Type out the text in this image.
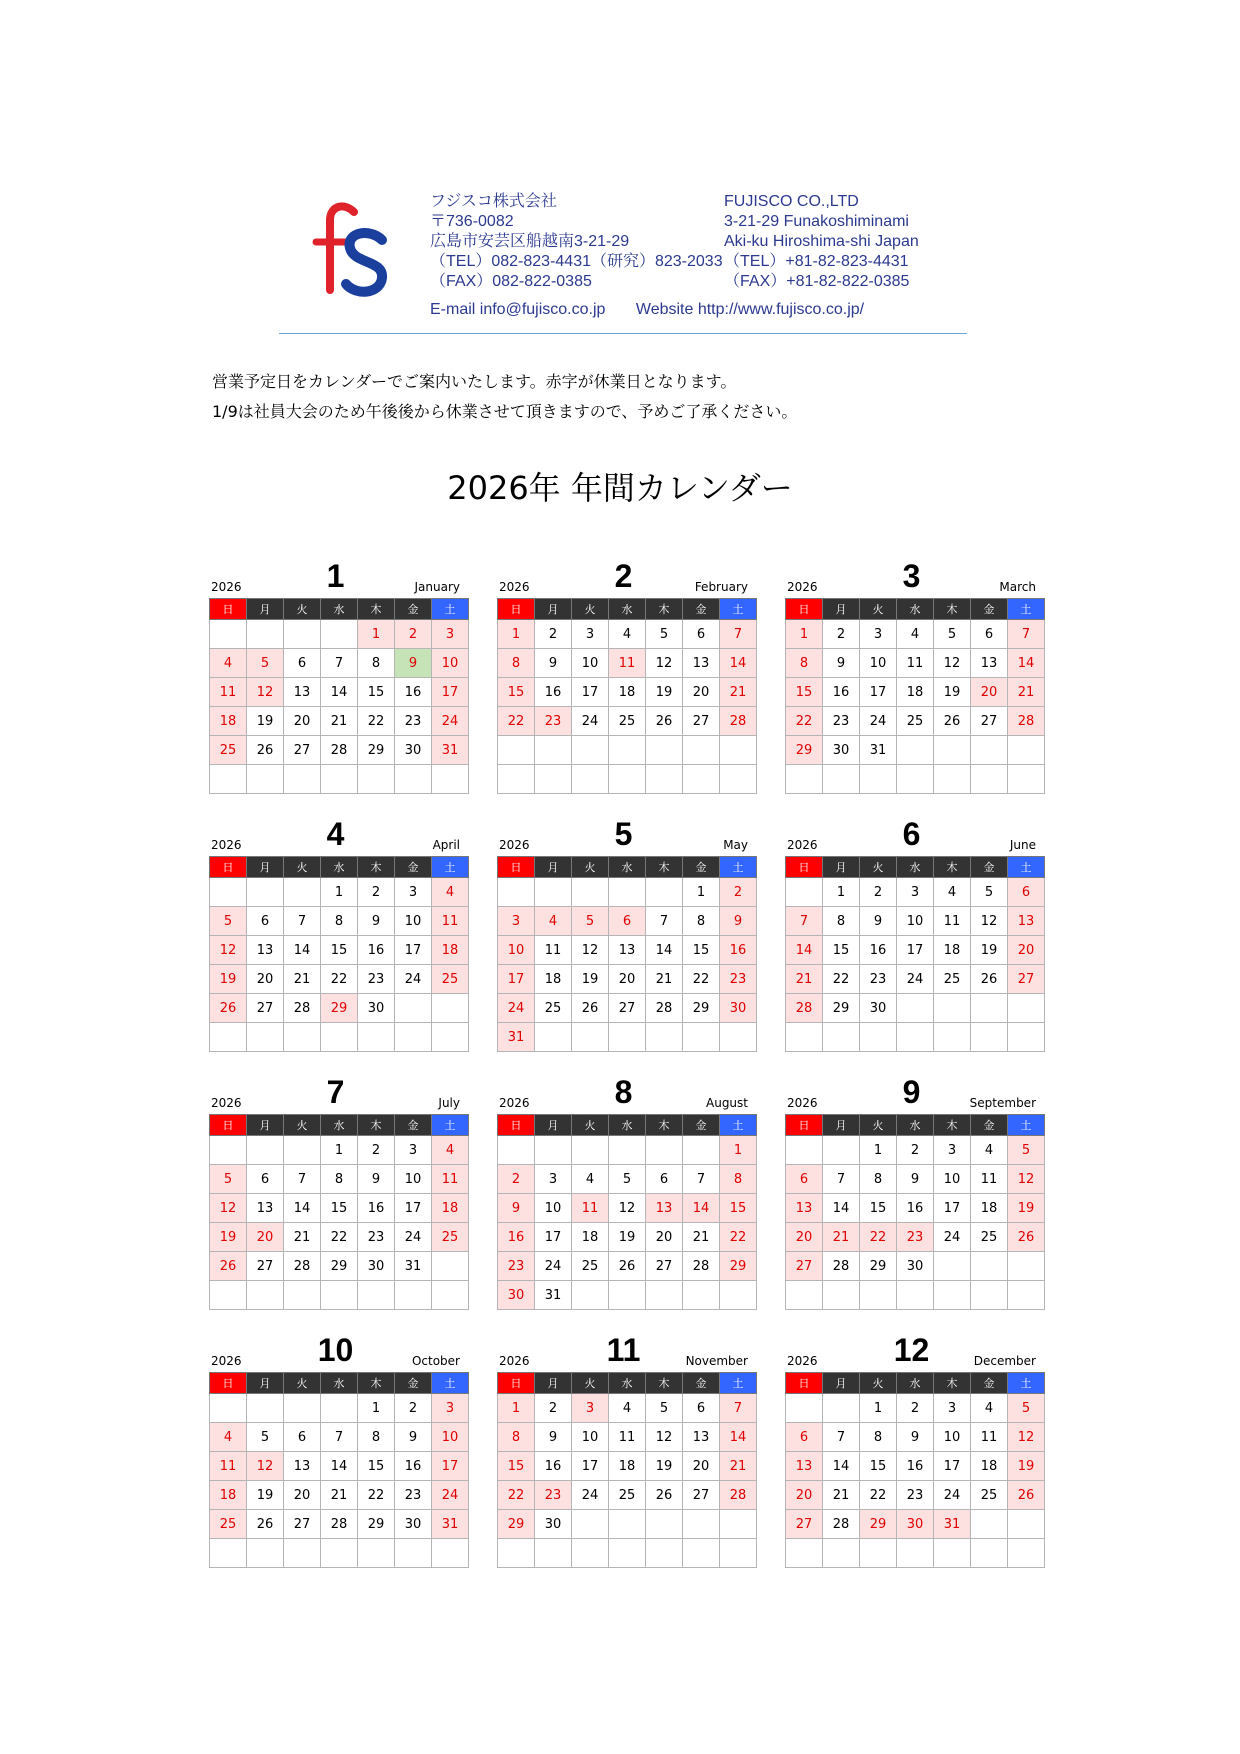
フジスコ株式会社
〒736-0082
広島市安芸区船越南3-21-29
（TEL）082-823-4431（研究）823-2033
（FAX）082-822-0385
FUJISCO CO.,LTD
3-21-29 Funakoshiminami
Aki-ku Hiroshima-shi Japan
（TEL）+81-82-823-4431
（FAX）+81-82-822-0385
E-mail info@fujisco.co.jp Website http://www.fujisco.co.jp/
営業予定日をカレンダーでご案内いたします。赤字が休業日となります。
1/9は社員大会のため午後後から休業させて頂きますので、予めご了承ください。
2026年 年間カレンダー
2026	1	January
日	月	火	水	木	金	土
				1	2	3
4	5	6	7	8	9	10
11	12	13	14	15	16	17
18	19	20	21	22	23	24
25	26	27	28	29	30	31

2026	2	February
日	月	火	水	木	金	土
1	2	3	4	5	6	7
8	9	10	11	12	13	14
15	16	17	18	19	20	21
22	23	24	25	26	27	28

2026	3	March
日	月	火	水	木	金	土
1	2	3	4	5	6	7
8	9	10	11	12	13	14
15	16	17	18	19	20	21
22	23	24	25	26	27	28
29	30	31				

2026	4	April
日	月	火	水	木	金	土
			1	2	3	4
5	6	7	8	9	10	11
12	13	14	15	16	17	18
19	20	21	22	23	24	25
26	27	28	29	30		

2026	5	May
日	月	火	水	木	金	土
					1	2
3	4	5	6	7	8	9
10	11	12	13	14	15	16
17	18	19	20	21	22	23
24	25	26	27	28	29	30
31						
2026	6	June
日	月	火	水	木	金	土
	1	2	3	4	5	6
7	8	9	10	11	12	13
14	15	16	17	18	19	20
21	22	23	24	25	26	27
28	29	30				

2026	7	July
日	月	火	水	木	金	土
			1	2	3	4
5	6	7	8	9	10	11
12	13	14	15	16	17	18
19	20	21	22	23	24	25
26	27	28	29	30	31	

2026	8	August
日	月	火	水	木	金	土
						1
2	3	4	5	6	7	8
9	10	11	12	13	14	15
16	17	18	19	20	21	22
23	24	25	26	27	28	29
30	31					
2026	9	September
日	月	火	水	木	金	土
		1	2	3	4	5
6	7	8	9	10	11	12
13	14	15	16	17	18	19
20	21	22	23	24	25	26
27	28	29	30			

2026	10	October
日	月	火	水	木	金	土
				1	2	3
4	5	6	7	8	9	10
11	12	13	14	15	16	17
18	19	20	21	22	23	24
25	26	27	28	29	30	31

2026	11	November
日	月	火	水	木	金	土
1	2	3	4	5	6	7
8	9	10	11	12	13	14
15	16	17	18	19	20	21
22	23	24	25	26	27	28
29	30					

2026	12	December
日	月	火	水	木	金	土
		1	2	3	4	5
6	7	8	9	10	11	12
13	14	15	16	17	18	19
20	21	22	23	24	25	26
27	28	29	30	31		
